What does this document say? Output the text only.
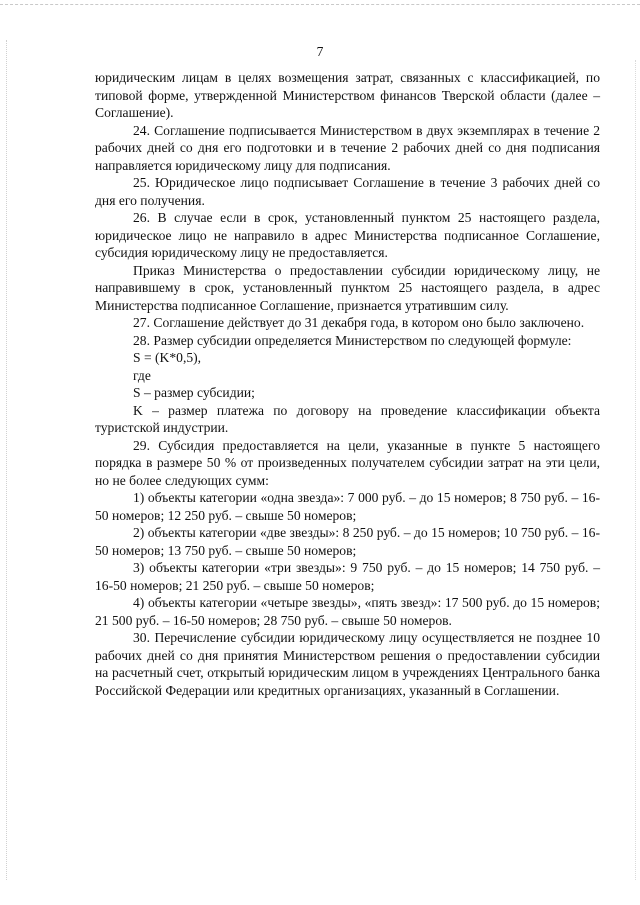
7

юридическим лицам в целях возмещения затрат, связанных с классификацией, по типовой форме, утвержденной Министерством финансов Тверской области (далее – Соглашение).

24. Соглашение подписывается Министерством в двух экземплярах в течение 2 рабочих дней со дня его подготовки и в течение 2 рабочих дней со дня подписания направляется юридическому лицу для подписания.

25. Юридическое лицо подписывает Соглашение в течение 3 рабочих дней со дня его получения.

26. В случае если в срок, установленный пунктом 25 настоящего раздела, юридическое лицо не направило в адрес Министерства подписанное Соглашение, субсидия юридическому лицу не предоставляется.

Приказ Министерства о предоставлении субсидии юридическому лицу, не направившему в срок, установленный пунктом 25 настоящего раздела, в адрес Министерства подписанное Соглашение, признается утратившим силу.

27. Соглашение действует до 31 декабря года, в котором оно было заключено.

28. Размер субсидии определяется Министерством по следующей формуле:

S = (K*0,5),

где

S – размер субсидии;

K – размер платежа по договору на проведение классификации объекта туристской индустрии.

29. Субсидия предоставляется на цели, указанные в пункте 5 настоящего порядка в размере 50 % от произведенных получателем субсидии затрат на эти цели, но не более следующих сумм:

1) объекты категории «одна звезда»: 7 000 руб. – до 15 номеров; 8 750 руб. – 16-50 номеров; 12 250 руб. – свыше 50 номеров;

2) объекты категории «две звезды»: 8 250 руб. – до 15 номеров; 10 750 руб. – 16-50 номеров; 13 750 руб. – свыше 50 номеров;

3) объекты категории «три звезды»: 9 750 руб. – до 15 номеров; 14 750 руб. – 16-50 номеров; 21 250 руб. – свыше 50 номеров;

4) объекты категории «четыре звезды», «пять звезд»: 17 500 руб. до 15 номеров; 21 500 руб. – 16-50 номеров; 28 750 руб. – свыше 50 номеров.

30. Перечисление субсидии юридическому лицу осуществляется не позднее 10 рабочих дней со дня принятия Министерством решения о предоставлении субсидии на расчетный счет, открытый юридическим лицом в учреждениях Центрального банка Российской Федерации или кредитных организациях, указанный в Соглашении.
